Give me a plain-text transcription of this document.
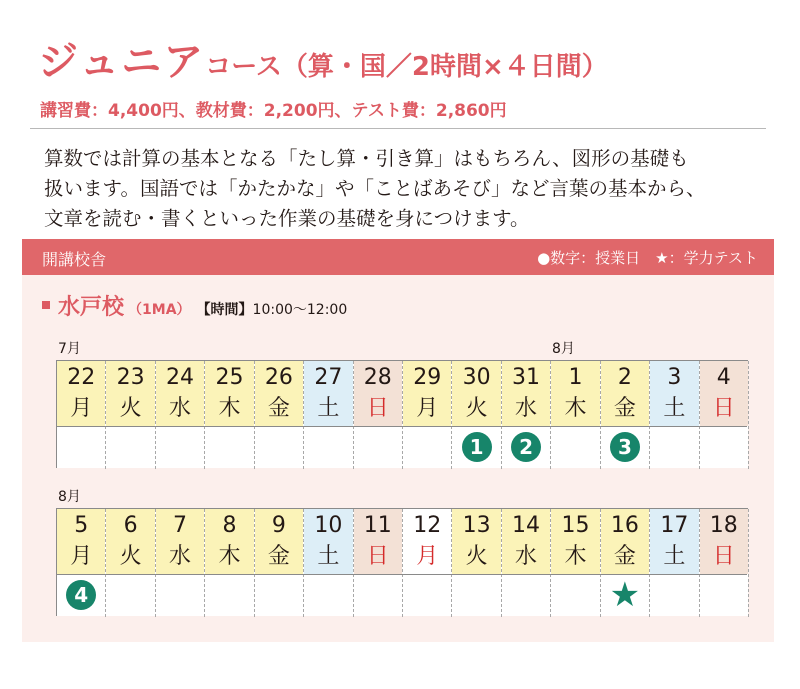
ジュニアコース（算・国／2時間×４日間）
講習費：4,400円、教材費：2,200円、テスト費：2,860円
算数では計算の基本となる「たし算・引き算」はもちろん、図形の基礎も
扱います。国語では「かたかな」や「ことばあそび」など言葉の基本から、
文章を読む・書くといった作業の基礎を身につけます。
開講校舎	●数字：授業日　★：学力テスト
水戸校 （1MA） 【時間】 10:00～12:00
7月	8月
22
月
23
火
24
水
25
木
26
金
27
土
28
日
29
月
30
火
1
31
水
2
1
木
2
金
3
3
土
4
日
8月
5
月
4
6
火
7
水
8
木
9
金
10
土
11
日
12
月
13
火
14
水
15
木
16
金
★
17
土
18
日
